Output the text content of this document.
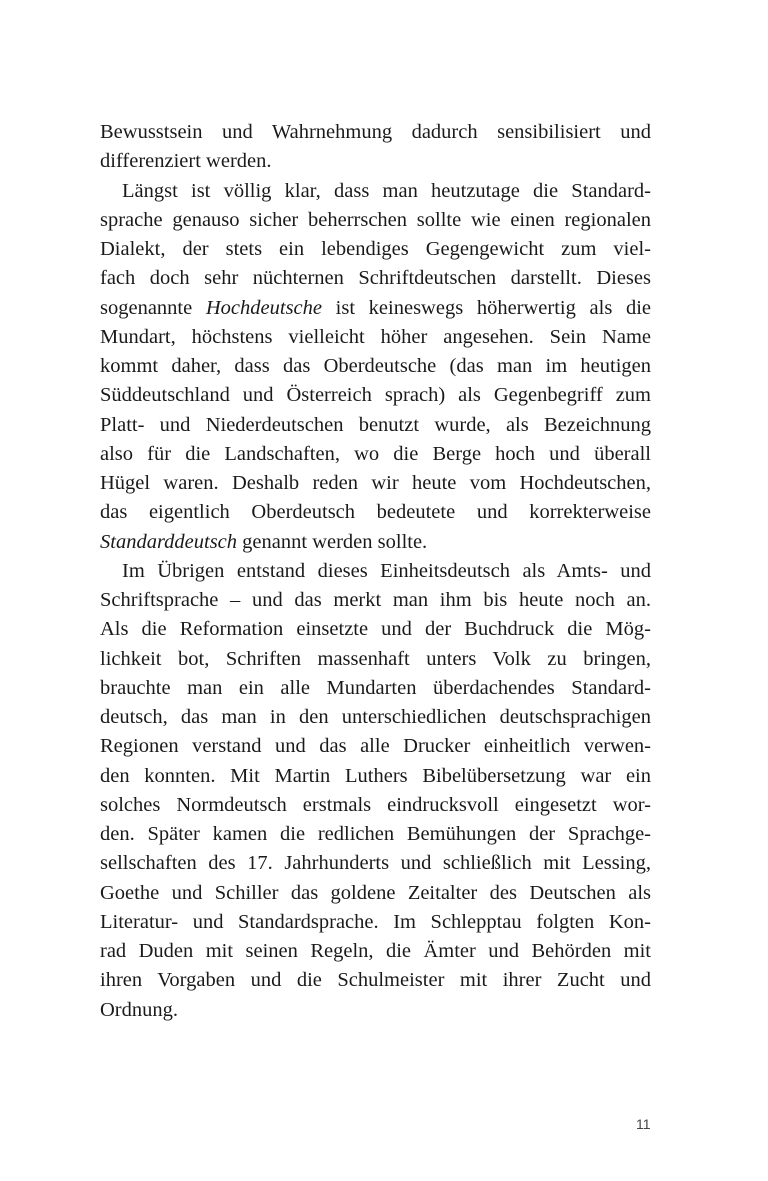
Bewusstsein und Wahrnehmung dadurch sensibilisiert und
differenziert werden.
Längst ist völlig klar, dass man heutzutage die Standard-
sprache genauso sicher beherrschen sollte wie einen regionalen
Dialekt, der stets ein lebendiges Gegengewicht zum viel-
fach doch sehr nüchternen Schriftdeutschen darstellt. Dieses
sogenannte Hochdeutsche ist keineswegs höherwertig als die
Mundart, höchstens vielleicht höher angesehen. Sein Name
kommt daher, dass das Oberdeutsche (das man im heutigen
Süddeutschland und Österreich sprach) als Gegenbegriff zum
Platt- und Niederdeutschen benutzt wurde, als Bezeichnung
also für die Landschaften, wo die Berge hoch und überall
Hügel waren. Deshalb reden wir heute vom Hochdeutschen,
das eigentlich Oberdeutsch bedeutete und korrekterweise
Standarddeutsch genannt werden sollte.
Im Übrigen entstand dieses Einheitsdeutsch als Amts- und
Schriftsprache – und das merkt man ihm bis heute noch an.
Als die Reformation einsetzte und der Buchdruck die Mög-
lichkeit bot, Schriften massenhaft unters Volk zu bringen,
brauchte man ein alle Mundarten überdachendes Standard-
deutsch, das man in den unterschiedlichen deutschsprachigen
Regionen verstand und das alle Drucker einheitlich verwen-
den konnten. Mit Martin Luthers Bibelübersetzung war ein
solches Normdeutsch erstmals eindrucksvoll eingesetzt wor-
den. Später kamen die redlichen Bemühungen der Sprachge-
sellschaften des 17. Jahrhunderts und schließlich mit Lessing,
Goethe und Schiller das goldene Zeitalter des Deutschen als
Literatur- und Standardsprache. Im Schlepptau folgten Kon-
rad Duden mit seinen Regeln, die Ämter und Behörden mit
ihren Vorgaben und die Schulmeister mit ihrer Zucht und
Ordnung.
11
